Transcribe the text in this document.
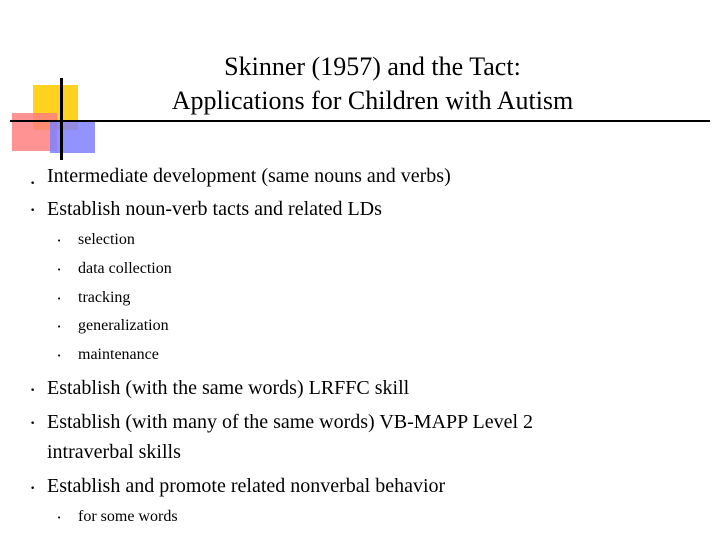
Skinner (1957) and the Tact:
Applications for Children with Autism
• Intermediate development (same nouns and verbs)
• Establish noun-verb tacts and related LDs
• selection
• data collection
• tracking
• generalization
• maintenance
• Establish (with the same words) LRFFC skill
• Establish (with many of the same words) VB-MAPP Level 2
intraverbal skills
• Establish and promote related nonverbal behavior
• for some words
